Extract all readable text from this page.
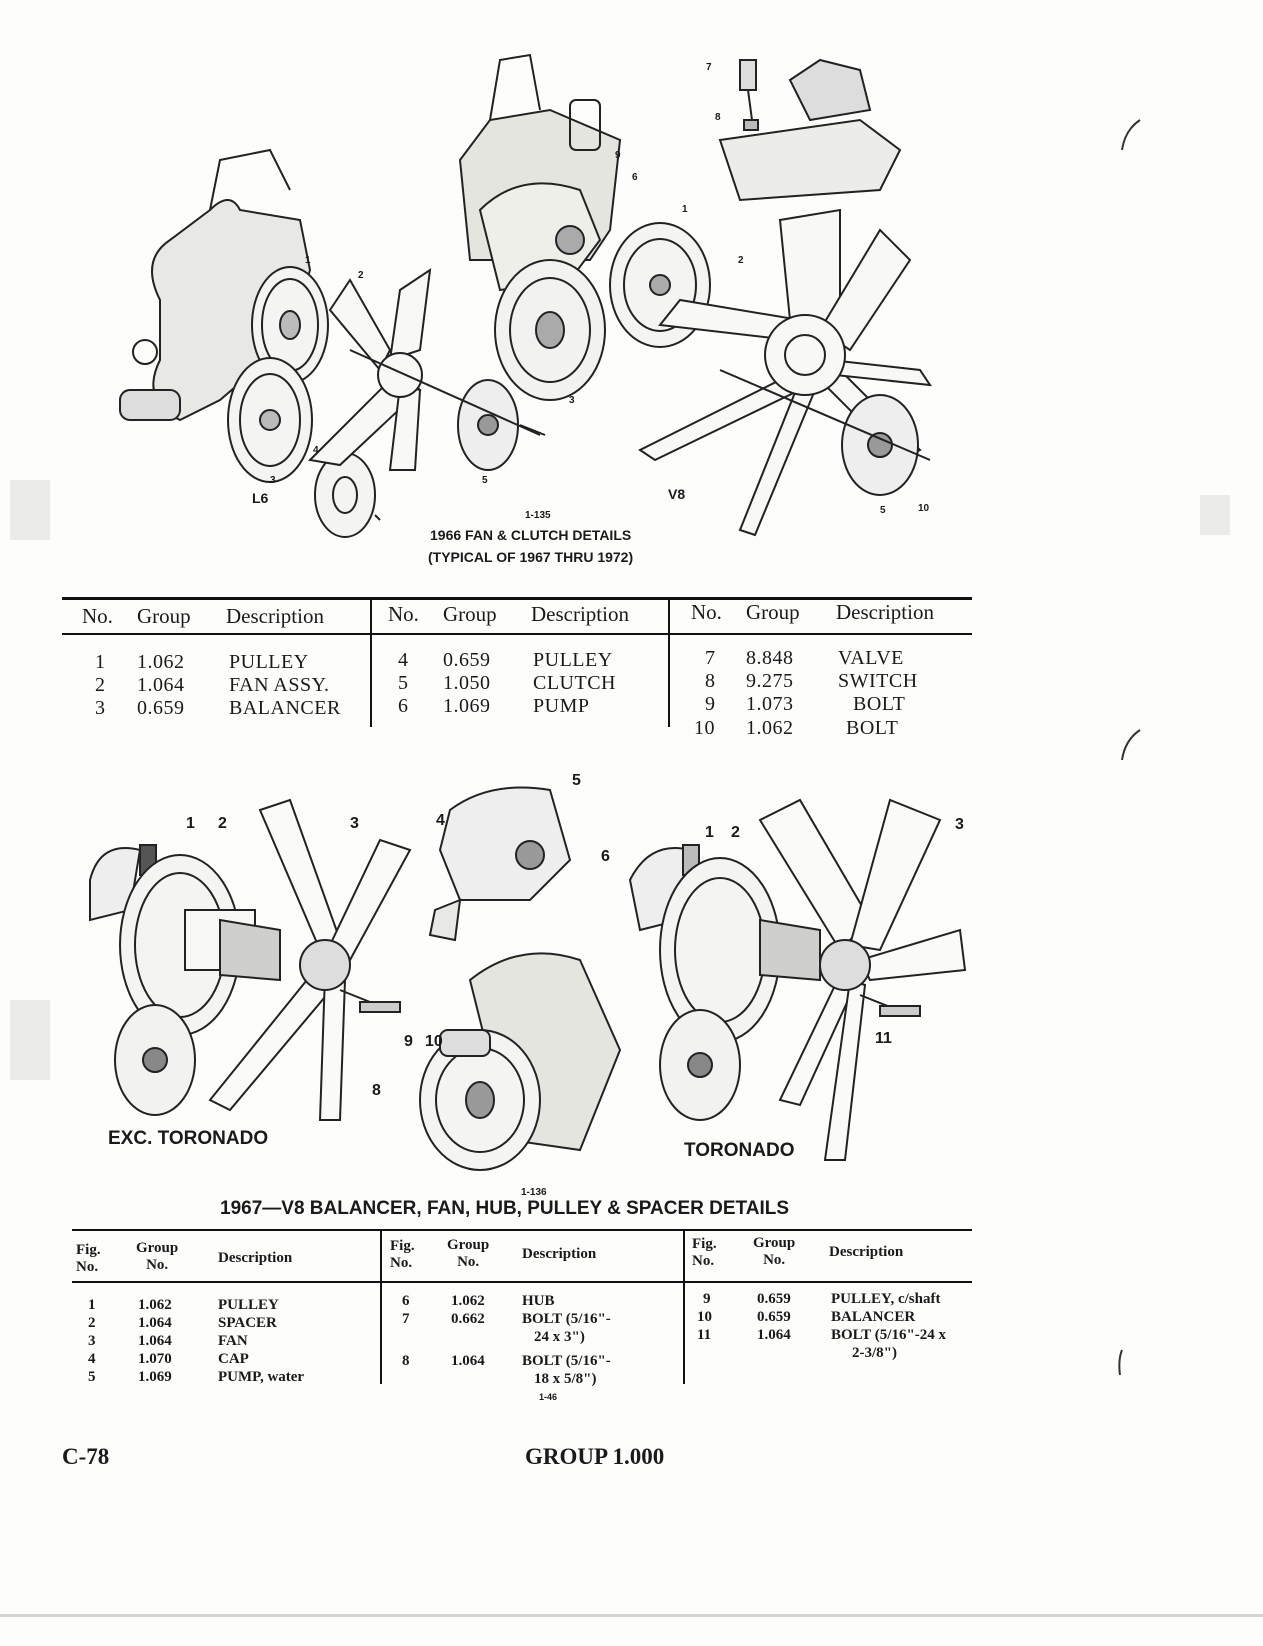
1
2
3
4
5
1
2
3
5
6
7
8
9
10
L6	V8
1-135
1966 FAN & CLUTCH DETAILS
(TYPICAL OF 1967 THRU 1972)
No. Group Description	No. Group Description	No. Group Description
1 1.062 PULLEY
2 1.064 FAN ASSY.
3 0.659 BALANCER
4 0.659 PULLEY
5 1.050 CLUTCH
6 1.069 PUMP
7 8.848 VALVE
8 9.275 SWITCH
9 1.073	BOLT
10 1.062	BOLT
1 2	3	4
5
6
8
9 10
1 2	3
11
EXC. TORONADO
TORONADO
1-136
1967—V8 BALANCER, FAN, HUB, PULLEY & SPACER DETAILS
Fig.
No.
Group
No.	Description
Fig.
No.
Group
No.	Description
Fig.
No.
Group
No.	Description
1	1.062	PULLEY
2	1.064	SPACER
3	1.064	FAN
4	1.070	CAP
5	1.069	PUMP, water
6	1.062 HUB
7	0.662 BOLT (5/16"-
24 x 3")
8	1.064 BOLT (5/16"-
18 x 5/8")
1-46
9	0.659	PULLEY, c/shaft
10	0.659	BALANCER
11	1.064	BOLT (5/16"-24 x
2-3/8")
C-78	GROUP 1.000
